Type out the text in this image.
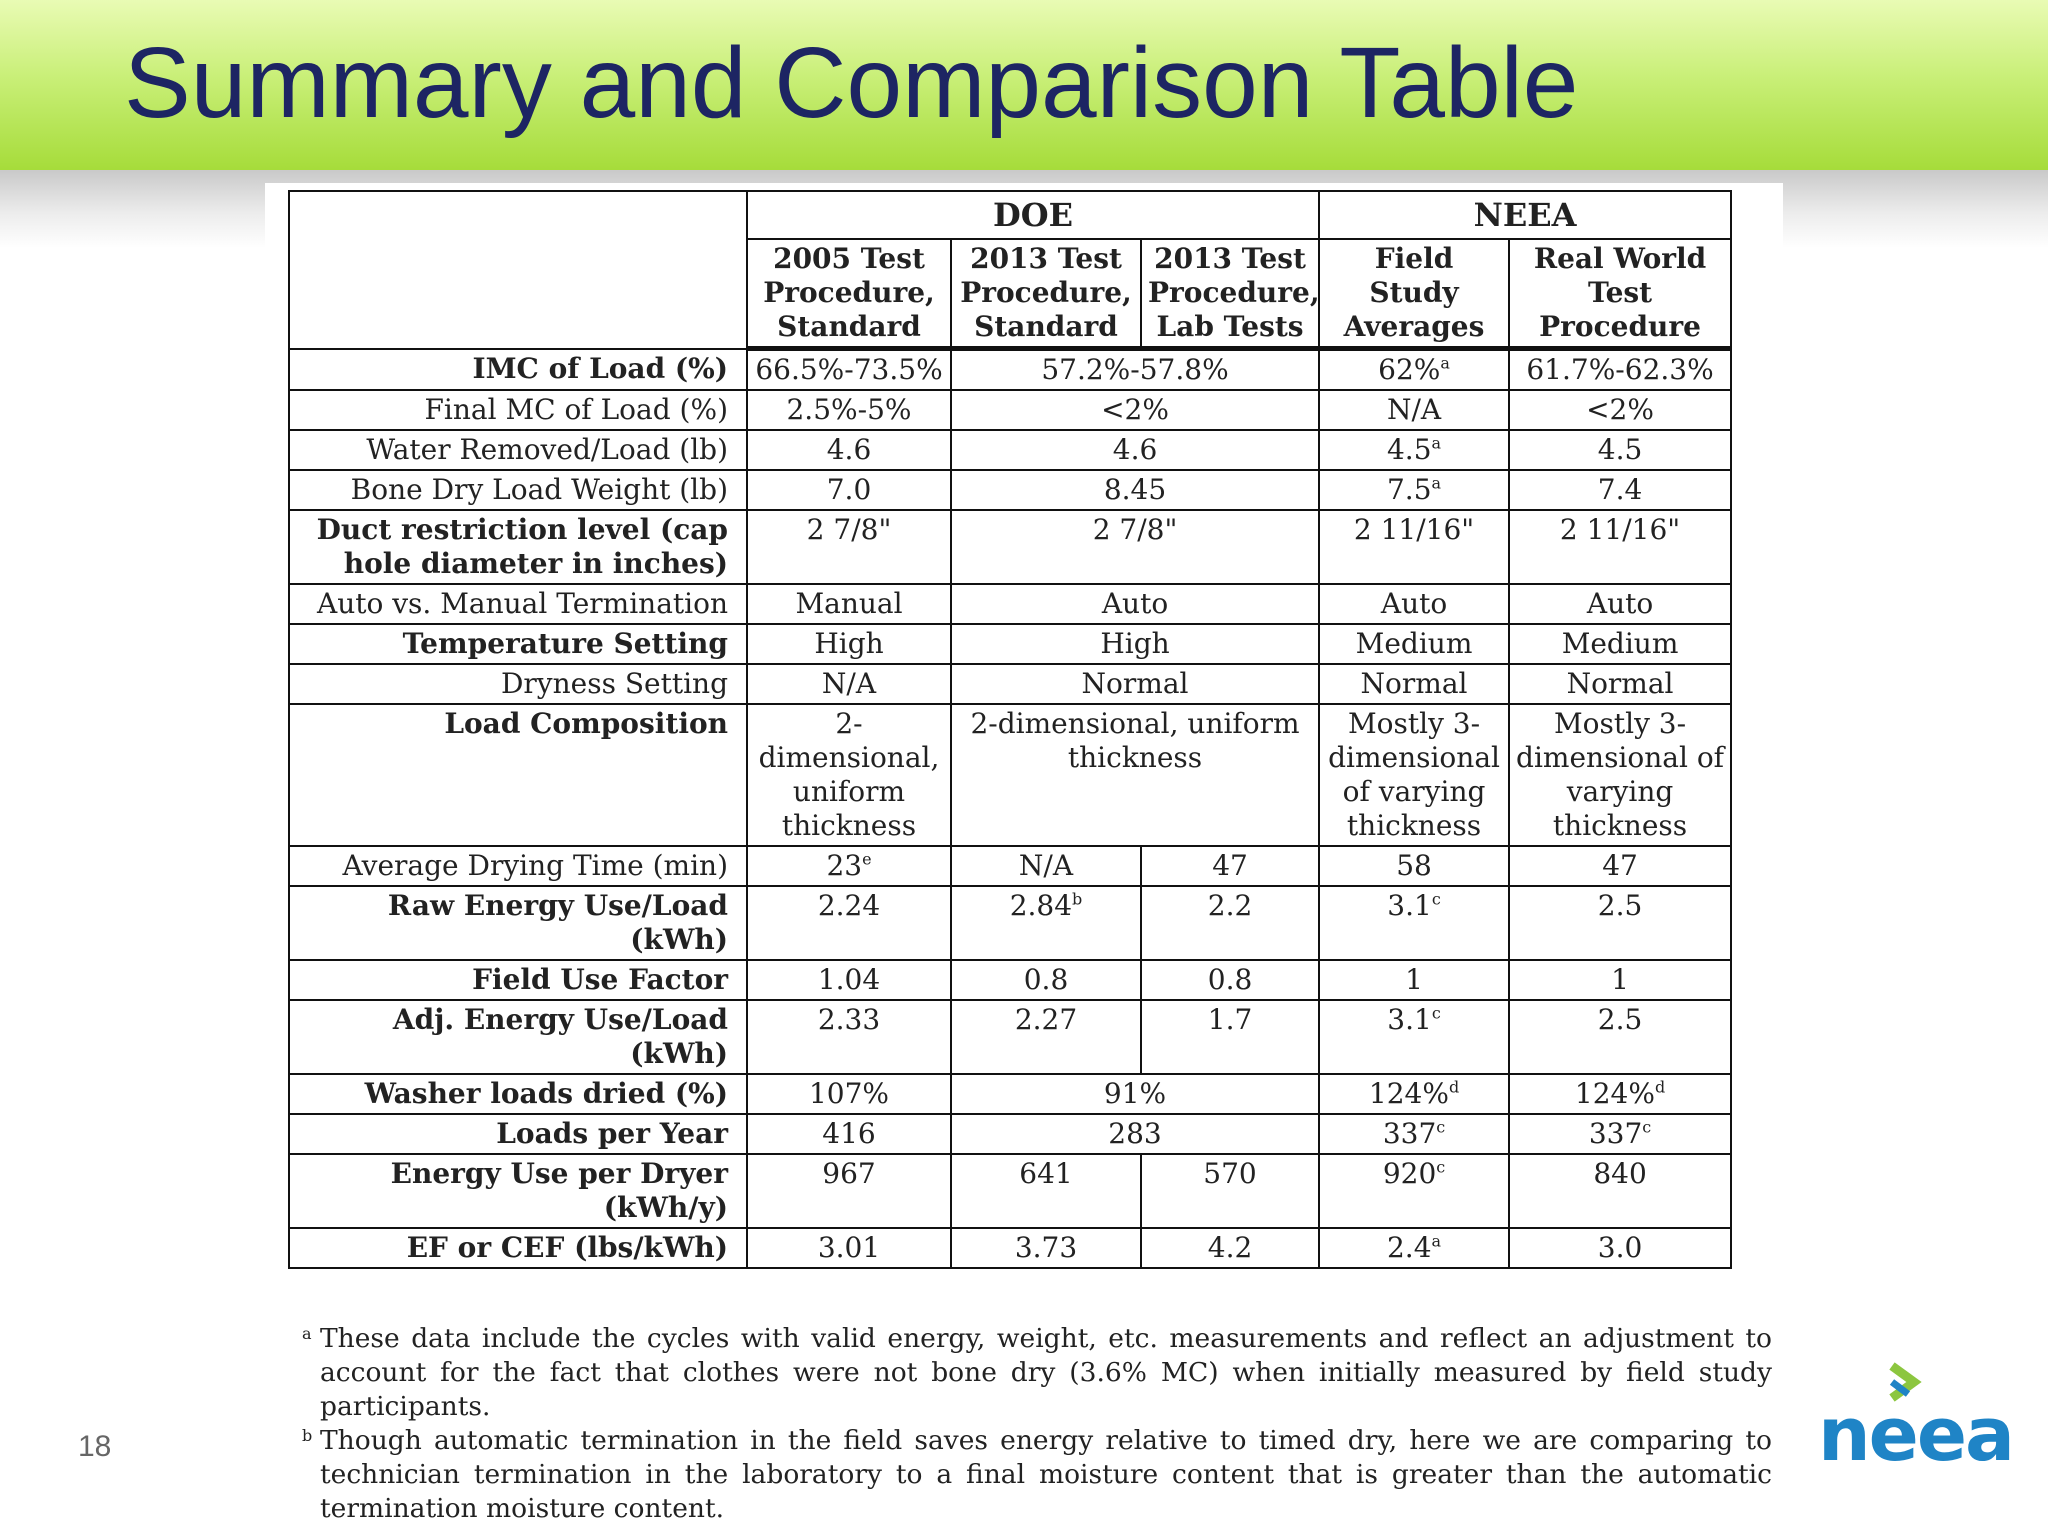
Summary and Comparison Table
	DOE			NEEA	
	2005 Test Procedure, Standard	2013 Test Procedure, Standard	2013 Test Procedure, Lab Tests	Field Study Averages	Real World Test Procedure
IMC of Load (%)	66.5%-73.5%	57.2%-57.8%		62%$^a$	61.7%-62.3%
Final MC of Load (%)	2.5%-5%	<2%		N/A	<2%
Water Removed/Load (lb)	4.6	4.6		4.5$^a$	4.5
Bone Dry Load Weight (lb)	7.0	8.45		7.5$^a$	7.4
Duct restriction level (cap hole diameter in inches)	2 7/8"	2 7/8"		2 11/16"	2 11/16"
Auto vs. Manual Termination	Manual	Auto		Auto	Auto
Temperature Setting	High	High		Medium	Medium
Dryness Setting	N/A	Normal		Normal	Normal
Load Composition	2-dimensional, uniform thickness	2-dimensional, uniform thickness		Mostly 3-dimensional of varying thickness	Mostly 3-dimensional of varying thickness
Average Drying Time (min)	23e	N/A	47	58	47
Raw Energy Use/Load (kWh)	2.24	2.84$^b$	2.2	3.1$^c$	2.5
Field Use Factor	1.04	0.8	0.8	1	1
Adj. Energy Use/Load (kWh)	2.33	2.27	1.7	3.1$^c$	2.5
Washer loads dried (%)	107%	91%		124%$^d$	124%$^d$
Loads per Year	416	283		337$^c$	337$^c$
Energy Use per Dryer (kWh/y)	967	641	570	920$^c$	840
EF or CEF (lbs/kWh)	3.01	3.73	4.2	2.4$^a$	3.0
a These data include the cycles with valid energy, weight, etc. measurements and reflect an adjustment to account for the fact that clothes were not bone dry (3.6% MC) when initially measured by field study participants.
b Though automatic termination in the field saves energy relative to timed dry, here we are comparing to technician termination in the laboratory to a final moisture content that is greater than the automatic termination moisture content.
18	neea
